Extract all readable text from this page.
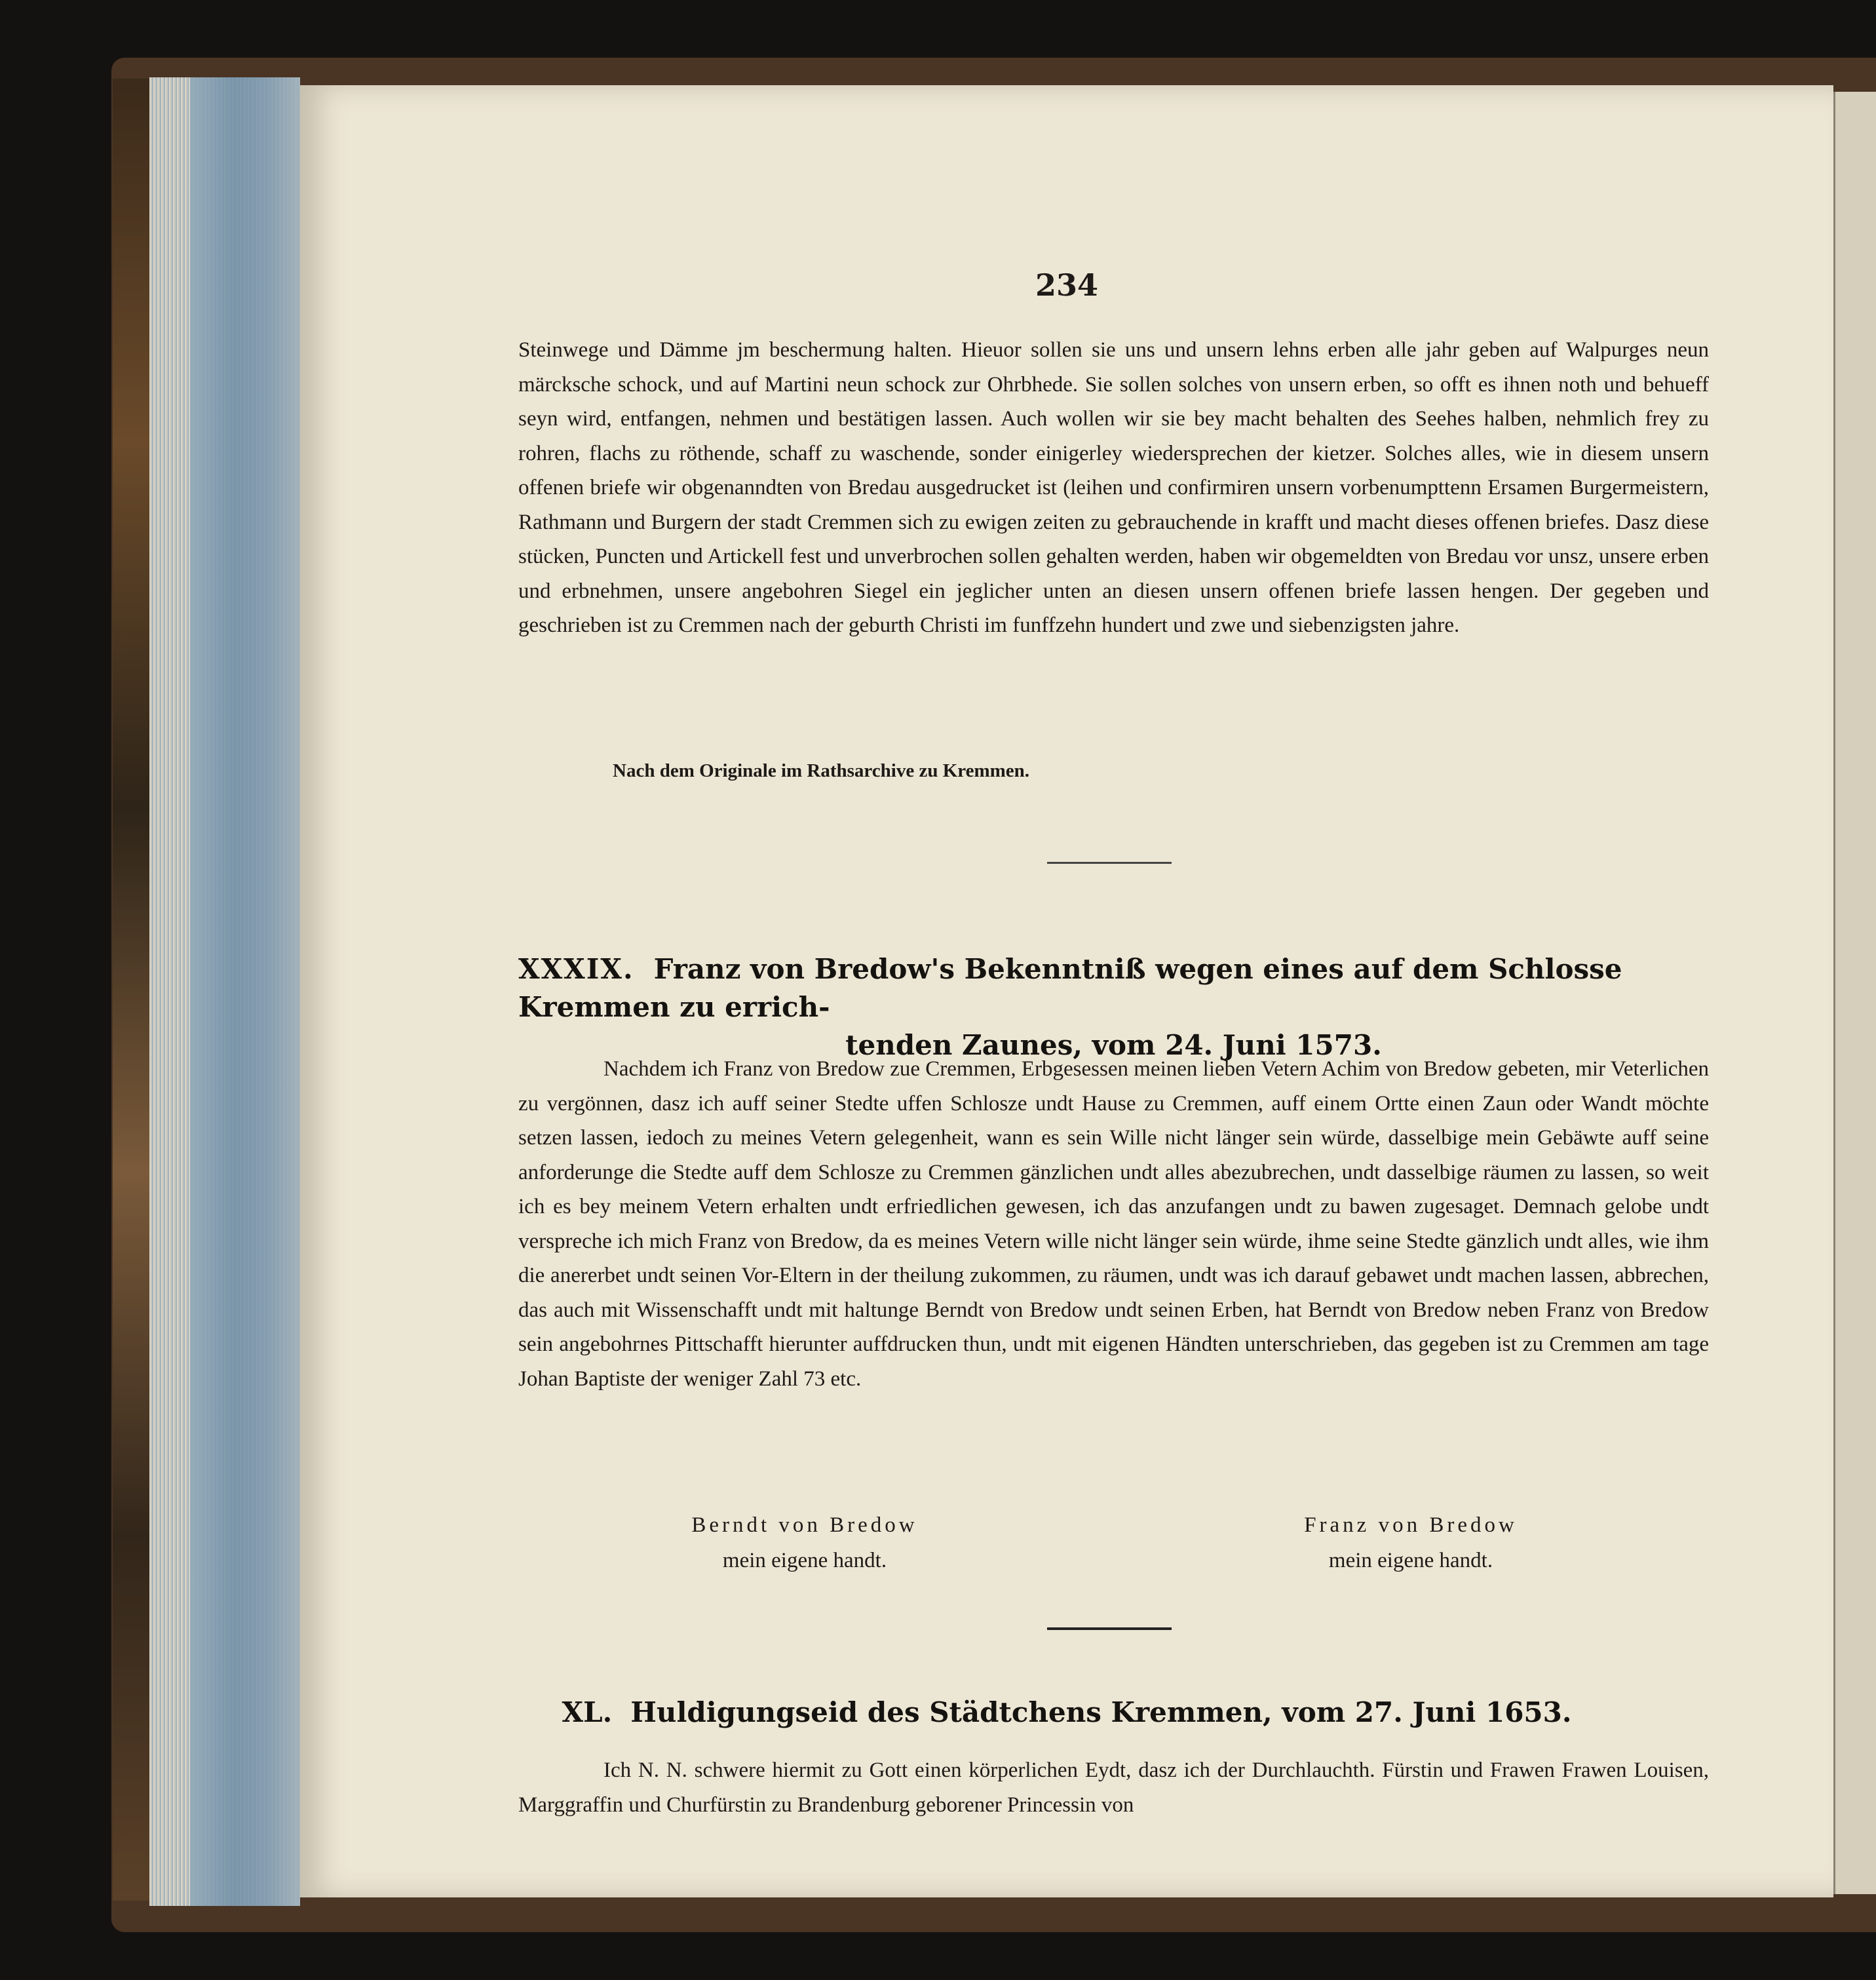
234
Steinwege und Dämme jm beschermung halten. Hieuor sollen sie uns und unsern lehns erben alle jahr geben auf Walpurges neun märcksche schock, und auf Martini neun schock zur Ohrbhede. Sie sollen solches von unsern erben, so offt es ihnen noth und behueff seyn wird, entfangen, nehmen und bestätigen lassen. Auch wollen wir sie bey macht behalten des Seehes halben, nehmlich frey zu rohren, flachs zu röthende, schaff zu waschende, sonder einigerley wiedersprechen der kietzer. Solches alles, wie in diesem unsern offenen briefe wir obgenanndten von Bredau ausgedrucket ist (leihen und confirmiren unsern vorbenumpttenn Ersamen Burgermeistern, Rathmann und Burgern der stadt Cremmen sich zu ewigen zeiten zu gebrauchende in krafft und macht dieses offenen briefes. Dasz diese stücken, Puncten und Artickell fest und unverbrochen sollen gehalten werden, haben wir obgemeldten von Bredau vor unsz, unsere erben und erbnehmen, unsere angebohren Siegel ein jeglicher unten an diesen unsern offenen briefe lassen hengen. Der gegeben und geschrieben ist zu Cremmen nach der geburth Christi im funffzehn hundert und zwe und siebenzigsten jahre.
Nach dem Originale im Rathsarchive zu Kremmen.
XXXIX. Franz von Bredow's Bekenntniß wegen eines auf dem Schlosse Kremmen zu errich-
tenden Zaunes, vom 24. Juni 1573.
Nachdem ich Franz von Bredow zue Cremmen, Erbgesessen meinen lieben Vetern Achim von Bredow gebeten, mir Veterlichen zu vergönnen, dasz ich auff seiner Stedte uffen Schlosze undt Hause zu Cremmen, auff einem Ortte einen Zaun oder Wandt möchte setzen lassen, iedoch zu meines Vetern gelegenheit, wann es sein Wille nicht länger sein würde, dasselbige mein Gebäwte auff seine anforderunge die Stedte auff dem Schlosze zu Cremmen gänzlichen undt alles abezubrechen, undt dasselbige räumen zu lassen, so weit ich es bey meinem Vetern erhalten undt erfriedlichen gewesen, ich das anzufangen undt zu bawen zugesaget. Demnach gelobe undt verspreche ich mich Franz von Bredow, da es meines Vetern wille nicht länger sein würde, ihme seine Stedte gänzlich undt alles, wie ihm die anererbet undt seinen Vor-Eltern in der theilung zukommen, zu räumen, undt was ich darauf gebawet undt machen lassen, abbrechen, das auch mit Wissenschafft undt mit haltunge Berndt von Bredow undt seinen Erben, hat Berndt von Bredow neben Franz von Bredow sein angebohrnes Pittschafft hierunter auffdrucken thun, undt mit eigenen Händten unterschrieben, das gegeben ist zu Cremmen am tage Johan Baptiste der weniger Zahl 73 etc.
Berndt von Bredow
mein eigene handt.
Franz von Bredow
mein eigene handt.
XL. Huldigungseid des Städtchens Kremmen, vom 27. Juni 1653.
Ich N. N. schwere hiermit zu Gott einen körperlichen Eydt, dasz ich der Durchlauchth. Fürstin und Frawen Frawen Louisen, Marggraffin und Churfürstin zu Brandenburg geborener Princessin von
